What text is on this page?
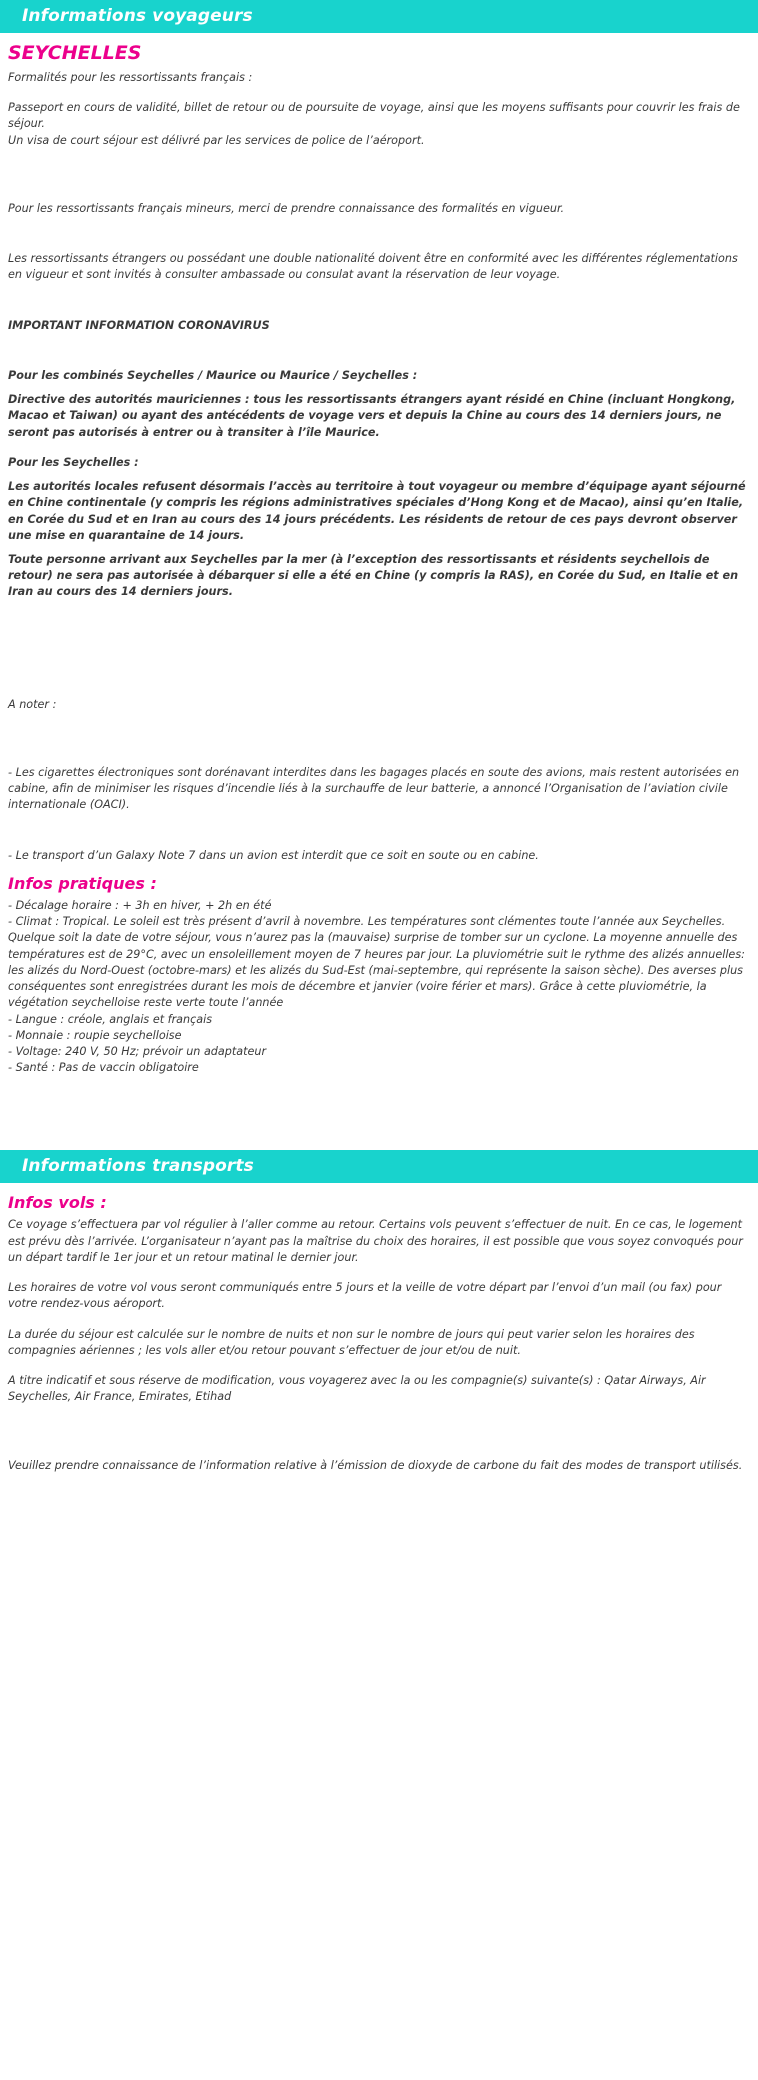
Informations voyageurs
SEYCHELLES

Formalités pour les ressortissants français :

Passeport en cours de validité, billet de retour ou de poursuite de voyage, ainsi que les moyens suffisants pour couvrir les frais de séjour.

Un visa de court séjour est délivré par les services de police de l’aéroport.

Pour les ressortissants français mineurs, merci de prendre connaissance des formalités en vigueur.

Les ressortissants étrangers ou possédant une double nationalité doivent être en conformité avec les différentes réglementations en vigueur et sont invités à consulter ambassade ou consulat avant la réservation de leur voyage.

IMPORTANT INFORMATION CORONAVIRUS

Pour les combinés Seychelles / Maurice ou Maurice / Seychelles :

Directive des autorités mauriciennes : tous les ressortissants étrangers ayant résidé en Chine (incluant Hongkong, Macao et Taiwan) ou ayant des antécédents de voyage vers et depuis la Chine au cours des 14 derniers jours, ne seront pas autorisés à entrer ou à transiter à l’île Maurice.

Pour les Seychelles :

Les autorités locales refusent désormais l’accès au territoire à tout voyageur ou membre d’équipage ayant séjourné en Chine continentale (y compris les régions administratives spéciales d’Hong Kong et de Macao), ainsi qu’en Italie, en Corée du Sud et en Iran au cours des 14 jours précédents. Les résidents de retour de ces pays devront observer une mise en quarantaine de 14 jours.

Toute personne arrivant aux Seychelles par la mer (à l’exception des ressortissants et résidents seychellois de retour) ne sera pas autorisée à débarquer si elle a été en Chine (y compris la RAS), en Corée du Sud, en Italie et en Iran au cours des 14 derniers jours.

A noter :

- Les cigarettes électroniques sont dorénavant interdites dans les bagages placés en soute des avions, mais restent autorisées en cabine, afin de minimiser les risques d’incendie liés à la surchauffe de leur batterie, a annoncé l’Organisation de l’aviation civile internationale (OACI).

- Le transport d’un Galaxy Note 7 dans un avion est interdit que ce soit en soute ou en cabine.

Infos pratiques :

- Décalage horaire : + 3h en hiver, + 2h en été

- Climat : Tropical. Le soleil est très présent d’avril à novembre. Les températures sont clémentes toute l’année aux Seychelles. Quelque soit la date de votre séjour, vous n’aurez pas la (mauvaise) surprise de tomber sur un cyclone. La moyenne annuelle des températures est de 29°C, avec un ensoleillement moyen de 7 heures par jour. La pluviométrie suit le rythme des alizés annuelles: les alizés du Nord-Ouest (octobre-mars) et les alizés du Sud-Est (mai-septembre, qui représente la saison sèche). Des averses plus conséquentes sont enregistrées durant les mois de décembre et janvier (voire férier et mars). Grâce à cette pluviométrie, la végétation seychelloise reste verte toute l’année

- Langue : créole, anglais et français

- Monnaie : roupie seychelloise

- Voltage: 240 V, 50 Hz; prévoir un adaptateur

- Santé : Pas de vaccin obligatoire

Informations transports
Infos vols :

Ce voyage s’effectuera par vol régulier à l’aller comme au retour. Certains vols peuvent s’effectuer de nuit. En ce cas, le logement est prévu dès l’arrivée. L’organisateur n’ayant pas la maîtrise du choix des horaires, il est possible que vous soyez convoqués pour un départ tardif le 1er jour et un retour matinal le dernier jour.

Les horaires de votre vol vous seront communiqués entre 5 jours et la veille de votre départ par l’envoi d’un mail (ou fax) pour votre rendez-vous aéroport.

La durée du séjour est calculée sur le nombre de nuits et non sur le nombre de jours qui peut varier selon les horaires des compagnies aériennes ; les vols aller et/ou retour pouvant s’effectuer de jour et/ou de nuit.

A titre indicatif et sous réserve de modification, vous voyagerez avec la ou les compagnie(s) suivante(s) : Qatar Airways, Air Seychelles, Air France, Emirates, Etihad

Veuillez prendre connaissance de l’information relative à l’émission de dioxyde de carbone du fait des modes de transport utilisés.
